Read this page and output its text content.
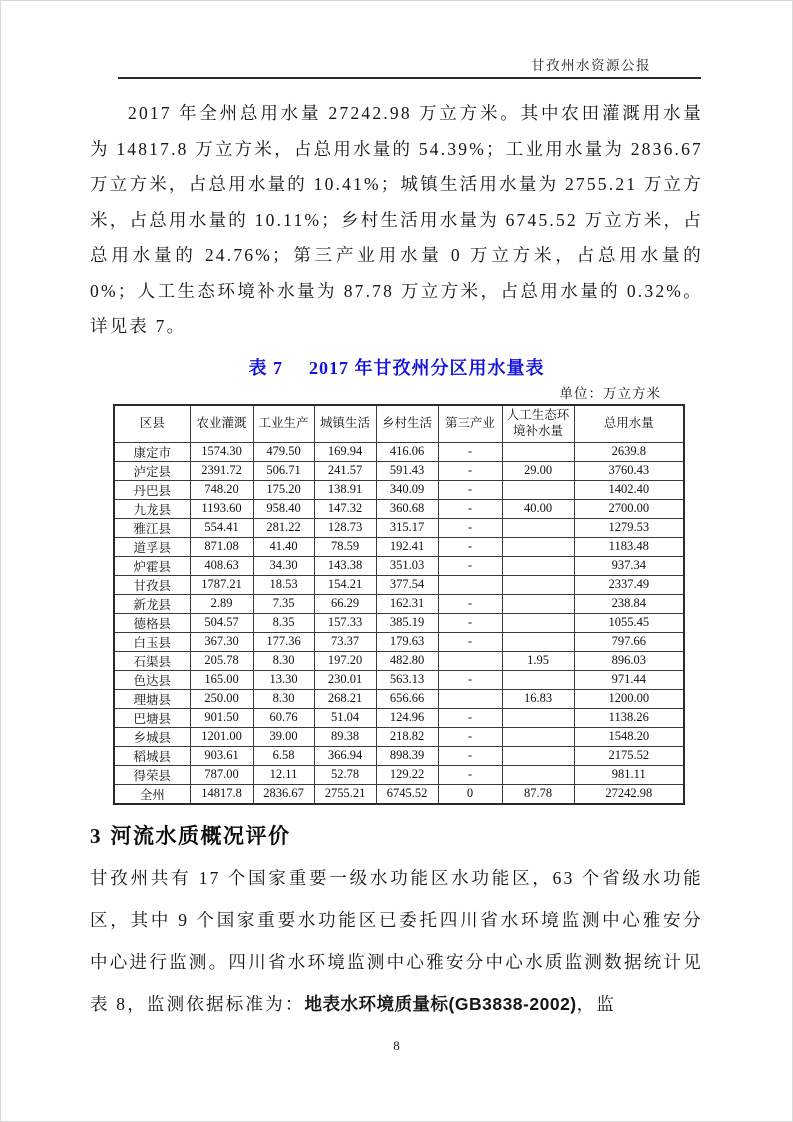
甘孜州水资源公报
2017 年全州总用水量 27242.98 万立方米。其中农田灌溉用水量为 14817.8 万立方米，占总用水量的 54.39%；工业用水量为 2836.67 万立方米，占总用水量的 10.41%；城镇生活用水量为 2755.21 万立方米，占总用水量的 10.11%；乡村生活用水量为 6745.52 万立方米，占总用水量的 24.76%；第三产业用水量 0 万立方米，占总用水量的 0%；人工生态环境补水量为 87.78 万立方米，占总用水量的 0.32%。详见表 7。
表 7 2017 年甘孜州分区用水量表
单位：万立方米
区县	农业灌溉	工业生产	城镇生活	乡村生活	第三产业	人工生态环境补水量	总用水量
康定市	1574.30	479.50	169.94	416.06	-		2639.8
泸定县	2391.72	506.71	241.57	591.43	-	29.00	3760.43
丹巴县	748.20	175.20	138.91	340.09	-		1402.40
九龙县	1193.60	958.40	147.32	360.68	-	40.00	2700.00
雅江县	554.41	281.22	128.73	315.17	-		1279.53
道孚县	871.08	41.40	78.59	192.41	-		1183.48
炉霍县	408.63	34.30	143.38	351.03	-		937.34
甘孜县	1787.21	18.53	154.21	377.54			2337.49
新龙县	2.89	7.35	66.29	162.31	-		238.84
德格县	504.57	8.35	157.33	385.19	-		1055.45
白玉县	367.30	177.36	73.37	179.63	-		797.66
石渠县	205.78	8.30	197.20	482.80		1.95	896.03
色达县	165.00	13.30	230.01	563.13	-		971.44
理塘县	250.00	8.30	268.21	656.66		16.83	1200.00
巴塘县	901.50	60.76	51.04	124.96	-		1138.26
乡城县	1201.00	39.00	89.38	218.82	-		1548.20
稻城县	903.61	6.58	366.94	898.39	-		2175.52
得荣县	787.00	12.11	52.78	129.22	-		981.11
全州	14817.8	2836.67	2755.21	6745.52	0	87.78	27242.98
3 河流水质概况评价
甘孜州共有 17 个国家重要一级水功能区水功能区，63 个省级水功能区，其中 9 个国家重要水功能区已委托四川省水环境监测中心雅安分中心进行监测。四川省水环境监测中心雅安分中心水质监测数据统计见表 8，监测依据标准为：地表水环境质量标(GB3838-2002)，监
8
